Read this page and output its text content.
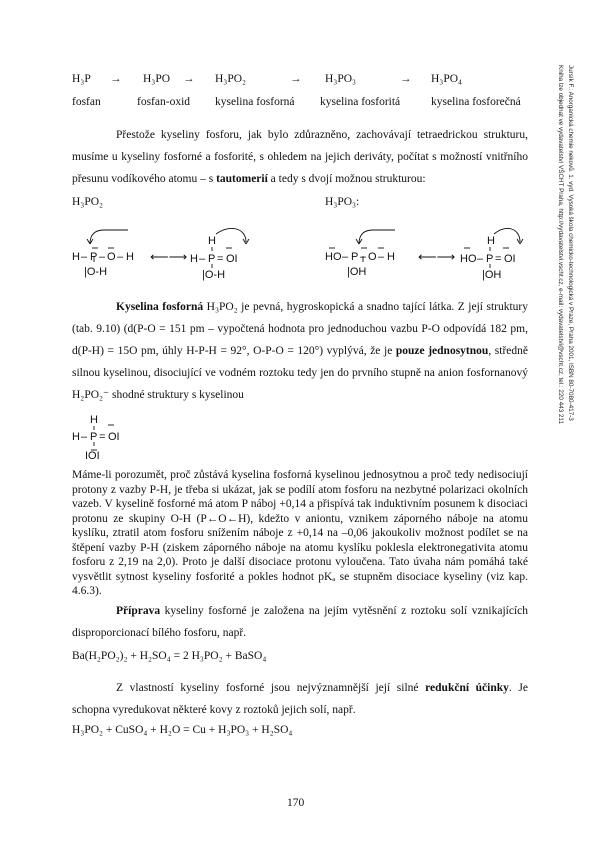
Jursík F.: Anorganická chemie nekovů. 1. vyd. Vysoká škola chemicko-technologická v Praze, Praha 2001, ISBN 80-7080-417-3
Kniha lze objednat ve vydavatelství VŠCHT Praha, http://vydavatelstvi.vscht.cz, e-mail: vydavatelstvi@vscht.cz, tel.: 220 443 211
H₃P → H₃PO → H₃PO₂	→ H₃PO₃	→ H₃PO₄
fosfan	fosfan-oxid kyselina fosforná kyselina fosforitá	kyselina fosforečná

Přestože kyseliny fosforu, jak bylo zdůrazněno, zachovávají tetraedrickou strukturu, musíme u kyseliny fosforné a fosforité, s ohledem na jejich deriváty, počítat s možností vnitřního přesunu vodíkového atomu – s tautomerií a tedy s dvojí možnou strukturou:

H₃PO₂	H₃PO₃:
H – P – O – H
|O-H
⟵⟶
H
H – P = OI
|O-H
HO – P – O – H
|OH
⟵⟶
H
HO – P = OI
|OH

Kyselina fosforná H₃PO₂ je pevná, hygroskopická a snadno tající látka. Z její struktury (tab. 9.10) (d(P-O = 151 pm – vypočtená hodnota pro jednoduchou vazbu P-O odpovídá 182 pm, d(P-H) = 15O pm, úhly H-P-H = 92°, O-P-O = 120°) vyplývá, že je pouze jednosytnou, středně silnou kyselinou, disociující ve vodném roztoku tedy jen do prvního stupně na anion fosfornanový H₂PO₂⁻ shodné struktury s kyselinou

H
H – P = OI
IOI

Máme-li porozumět, proč zůstává kyselina fosforná kyselinou jednosytnou a proč tedy nedisociují protony z vazby P-H, je třeba si ukázat, jak se podílí atom fosforu na nezbytné polarizaci okolních vazeb. V kyselině fosforné má atom P náboj +0,14 a přispívá tak induktivním posunem k disociaci protonu ze skupiny O-H (P←O←H), kdežto v aniontu, vznikem záporného náboje na atomu kyslíku, ztratil atom fosforu snížením náboje z +0,14 na –0,06 jakoukoliv možnost podílet se na štěpení vazby P-H (ziskem záporného náboje na atomu kyslíku poklesla elektronegativita atomu fosforu z 2,19 na 2,0). Proto je další disociace protonu vyloučena. Tato úvaha nám pomáhá také vysvětlit sytnost kyseliny fosforité a pokles hodnot pKₐ se stupněm disociace kyseliny (viz kap. 4.6.3).

Příprava kyseliny fosforné je založena na jejím vytěsnění z roztoku solí vznikajících disproporcionací bílého fosforu, např.

Ba(H₂PO₂)₂ + H₂SO₄ = 2 H₃PO₂ + BaSO₄

Z vlastností kyseliny fosforné jsou nejvýznamnější její silné redukční účinky. Je schopna vyredukovat některé kovy z roztoků jejich solí, např.

H₃PO₂ + CuSO₄ + H₂O = Cu + H₃PO₃ + H₂SO₄
170
